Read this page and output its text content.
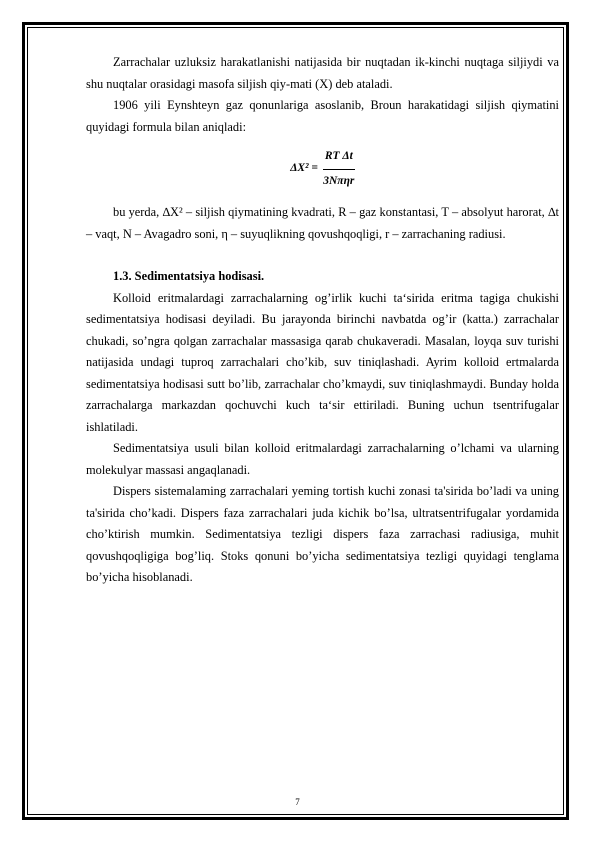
Zarrachalar uzluksiz harakatlanishi natijasida bir nuqtadan ik-kinchi nuqtaga siljiydi va shu nuqtalar orasidagi masofa siljish qiy-mati (X) deb ataladi.

1906 yili Eynshteyn gaz qonunlariga asoslanib, Broun harakatidagi siljish qiymatini quyidagi formula bilan aniqladi:

$\Delta X^2 = \frac{\text{RT Δt}}{\text{3Nπηr}}$

bu yerda, ∆X² – siljish qiymatining kvadrati, R – gaz konstantasi, T – absolyut harorat, ∆t – vaqt, N – Avagadro soni, η – suyuqlikning qovushqoqligi, r – zarrachaning radiusi.

1.3. Sedimentatsiya hodisasi.

Kolloid eritmalardagi zarrachalarning og’irlik kuchi ta‘sirida eritma tagiga chukishi sedimentatsiya hodisasi deyiladi. Bu jarayonda birinchi navbatda og’ir (katta.) zarrachalar chukadi, so’ngra qolgan zarrachalar massasiga qarab chukaveradi. Masalan, loyqa suv turishi natijasida undagi tuproq zarrachalari cho’kib, suv tiniqlashadi. Ayrim kolloid ertmalarda sedimentatsiya hodisasi sutt bo’lib, zarrachalar cho’kmaydi, suv tiniqlashmaydi. Bunday holda zarrachalarga markazdan qochuvchi kuch ta‘sir ettiriladi. Buning uchun tsentrifugalar ishlatiladi.

Sedimentatsiya usuli bilan kolloid eritmalardagi zarrachalarning o’lchami va ularning molekulyar massasi angaqlanadi.

Dispers sistemalaming zarrachalari yeming tortish kuchi zonasi ta'sirida bo’ladi va uning ta'sirida cho’kadi. Dispers faza zarrachalari juda kichik bo’lsa, ultratsentrifugalar yordamida cho’ktirish mumkin. Sedimentatsiya tezligi dispers faza zarrachasi radiusiga, muhit qovushqoqligiga bog’liq. Stoks qonuni bo’yicha sedimentatsiya tezligi quyidagi tenglama bo’yicha hisoblanadi.

7
